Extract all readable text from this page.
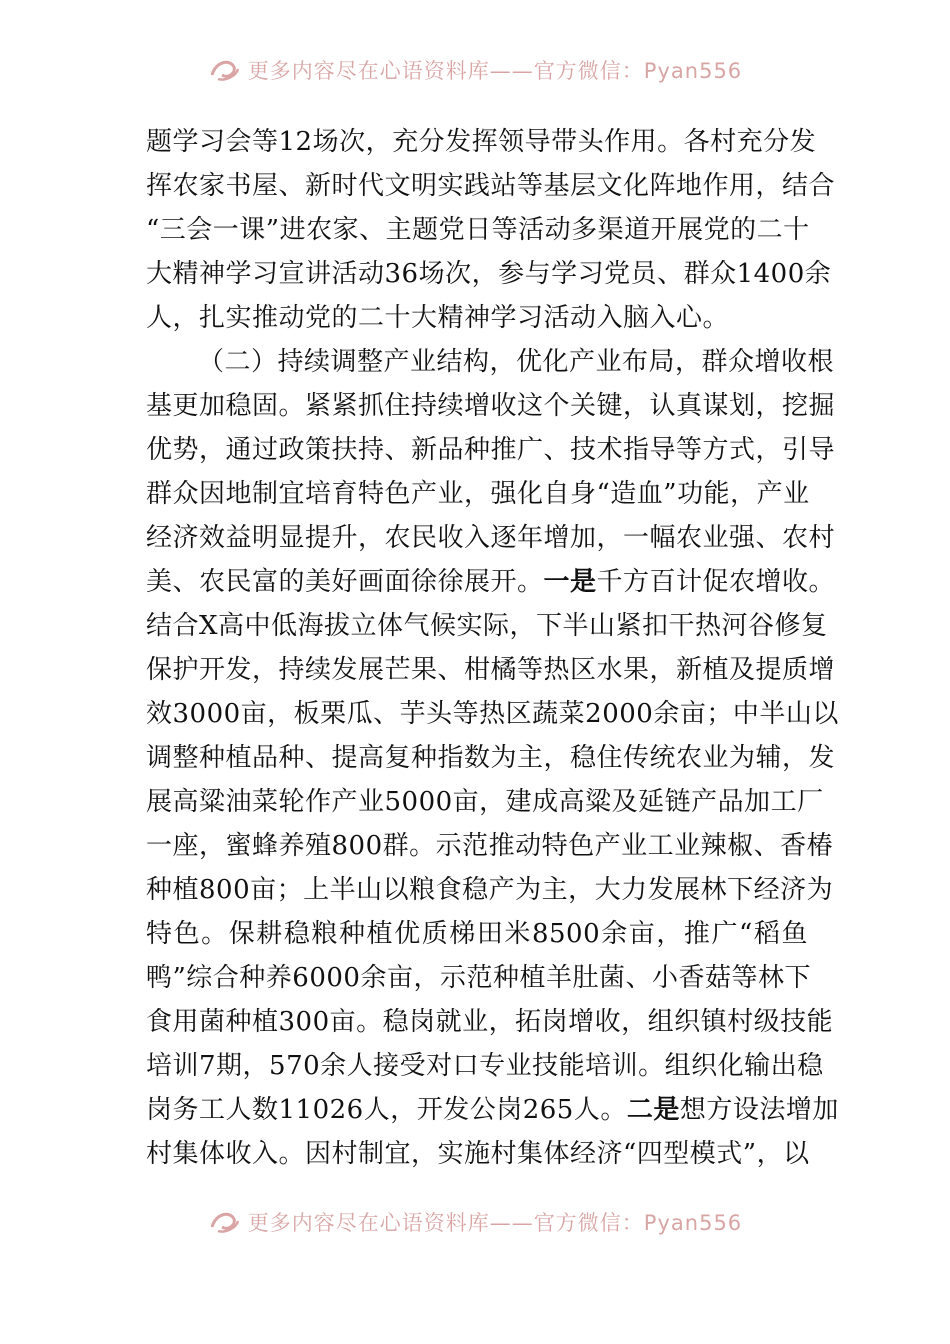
更多内容尽在心语资料库——官方微信：Pyan556
题学习会等12场次，充分发挥领导带头作用。各村充分发
挥农家书屋、新时代文明实践站等基层文化阵地作用，结合
“三会一课”进农家、主题党日等活动多渠道开展党的二十
大精神学习宣讲活动36场次，参与学习党员、群众1400余
人，扎实推动党的二十大精神学习活动入脑入心。
（二）持续调整产业结构，优化产业布局，群众增收根
基更加稳固。紧紧抓住持续增收这个关键，认真谋划，挖掘
优势，通过政策扶持、新品种推广、技术指导等方式，引导
群众因地制宜培育特色产业，强化自身“造血”功能，产业
经济效益明显提升，农民收入逐年增加，一幅农业强、农村
美、农民富的美好画面徐徐展开。一是千方百计促农增收。
结合X高中低海拔立体气候实际，下半山紧扣干热河谷修复
保护开发，持续发展芒果、柑橘等热区水果，新植及提质增
效3000亩，板栗瓜、芋头等热区蔬菜2000余亩；中半山以
调整种植品种、提高复种指数为主，稳住传统农业为辅，发
展高粱油菜轮作产业5000亩，建成高粱及延链产品加工厂
一座，蜜蜂养殖800群。示范推动特色产业工业辣椒、香椿
种植800亩；上半山以粮食稳产为主，大力发展林下经济为
特色。保耕稳粮种植优质梯田米8500余亩，推广“稻鱼
鸭”综合种养6000余亩，示范种植羊肚菌、小香菇等林下
食用菌种植300亩。稳岗就业，拓岗增收，组织镇村级技能
培训7期，570余人接受对口专业技能培训。组织化输出稳
岗务工人数11026人，开发公岗265人。二是想方设法增加
村集体收入。因村制宜，实施村集体经济“四型模式”，以
更多内容尽在心语资料库——官方微信：Pyan556
